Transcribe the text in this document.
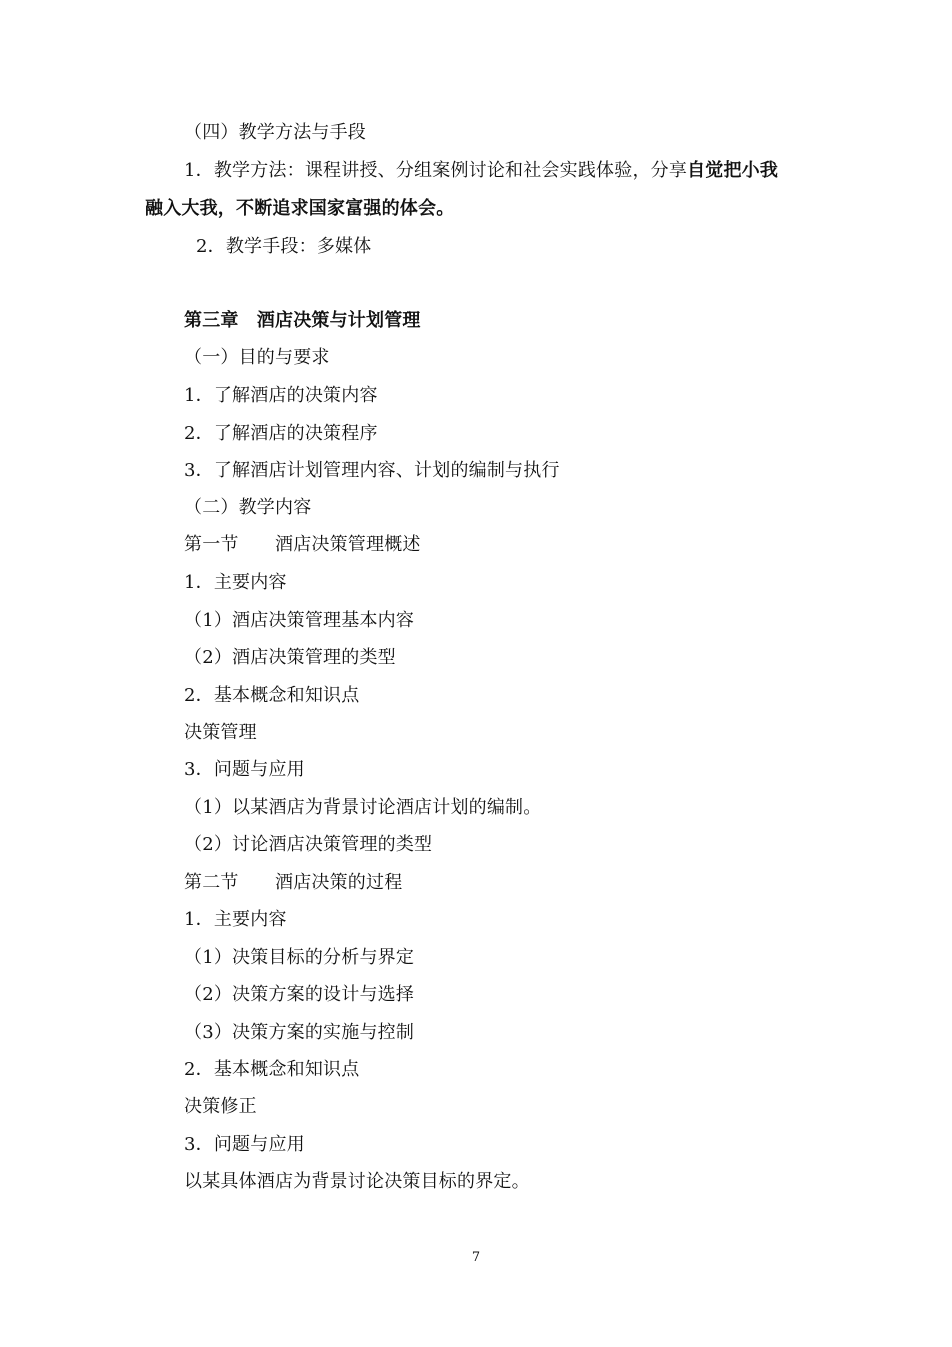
（四）教学方法与手段
1．教学方法：课程讲授、分组案例讨论和社会实践体验，分享自觉把小我
融入大我，不断追求国家富强的体会。
2．教学手段：多媒体
第三章　酒店决策与计划管理
（一）目的与要求
1．了解酒店的决策内容
2．了解酒店的决策程序
3．了解酒店计划管理内容、计划的编制与执行
（二）教学内容
第一节　　酒店决策管理概述
1．主要内容
（1）酒店决策管理基本内容
（2）酒店决策管理的类型
2．基本概念和知识点
决策管理
3．问题与应用
（1）以某酒店为背景讨论酒店计划的编制。
（2）讨论酒店决策管理的类型
第二节　　酒店决策的过程
1．主要内容
（1）决策目标的分析与界定
（2）决策方案的设计与选择
（3）决策方案的实施与控制
2．基本概念和知识点
决策修正
3．问题与应用
以某具体酒店为背景讨论决策目标的界定。
7
